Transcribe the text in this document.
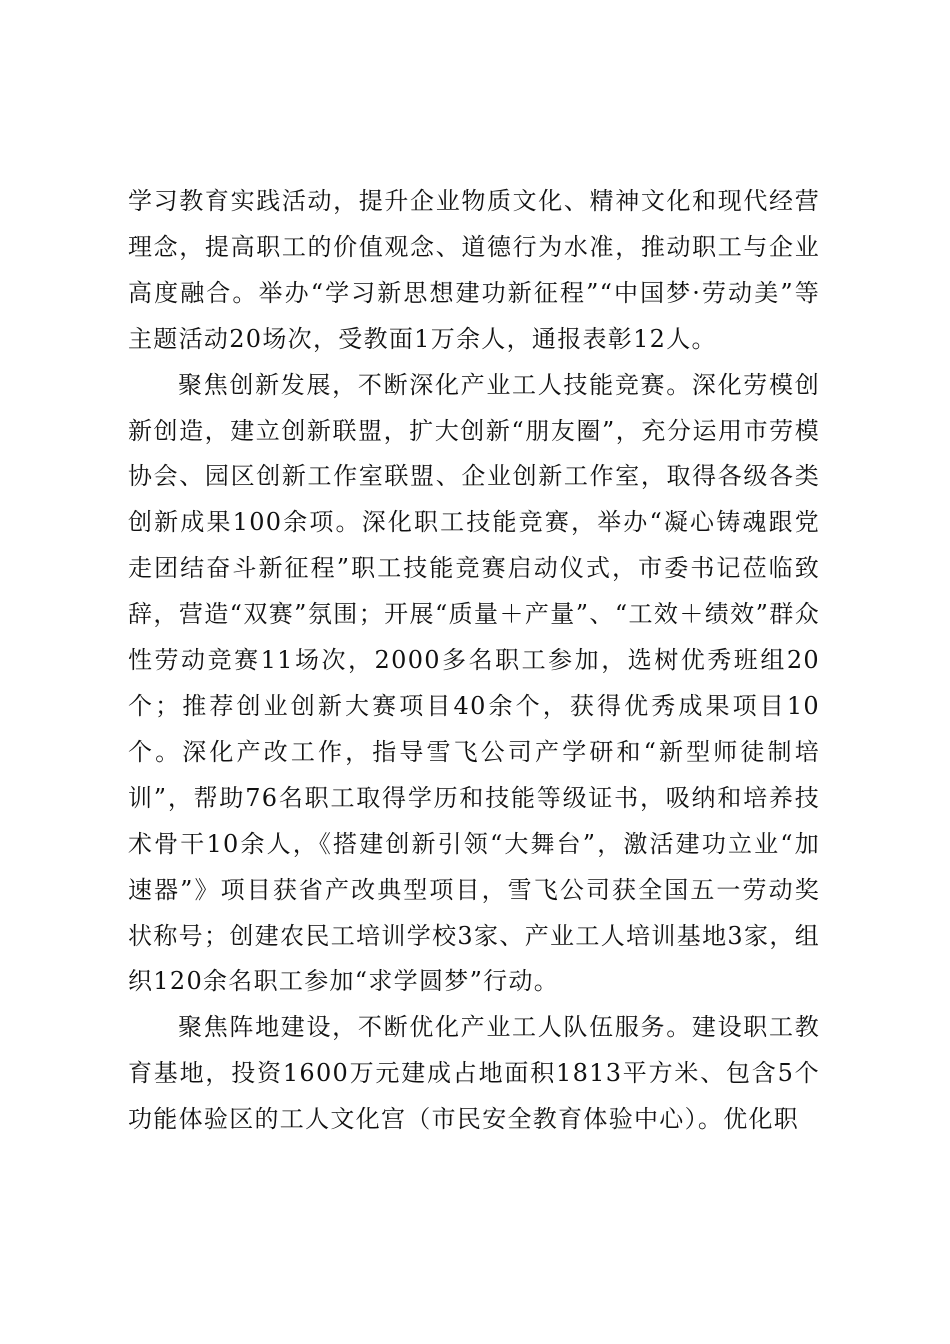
学习教育实践活动，提升企业物质文化、精神文化和现代经营理念，提高职工的价值观念、道德行为水准，推动职工与企业高度融合。举办“学习新思想建功新征程”“中国梦·劳动美”等主题活动20场次，受教面1万余人，通报表彰12人。

聚焦创新发展，不断深化产业工人技能竞赛。深化劳模创新创造，建立创新联盟，扩大创新“朋友圈”，充分运用市劳模协会、园区创新工作室联盟、企业创新工作室，取得各级各类创新成果100余项。深化职工技能竞赛，举办“凝心铸魂跟党走团结奋斗新征程”职工技能竞赛启动仪式，市委书记莅临致辞，营造“双赛”氛围；开展“质量＋产量”、“工效＋绩效”群众性劳动竞赛11场次，2000多名职工参加，选树优秀班组20个；推荐创业创新大赛项目40余个，获得优秀成果项目10个。深化产改工作，指导雪飞公司产学研和“新型师徒制培训”，帮助76名职工取得学历和技能等级证书，吸纳和培养技术骨干10余人，《搭建创新引领“大舞台”，激活建功立业“加速器”》项目获省产改典型项目，雪飞公司获全国五一劳动奖状称号；创建农民工培训学校3家、产业工人培训基地3家，组织120余名职工参加“求学圆梦”行动。

聚焦阵地建设，不断优化产业工人队伍服务。建设职工教育基地，投资1600万元建成占地面积1813平方米、包含5个功能体验区的工人文化宫（市民安全教育体验中心）。优化职
